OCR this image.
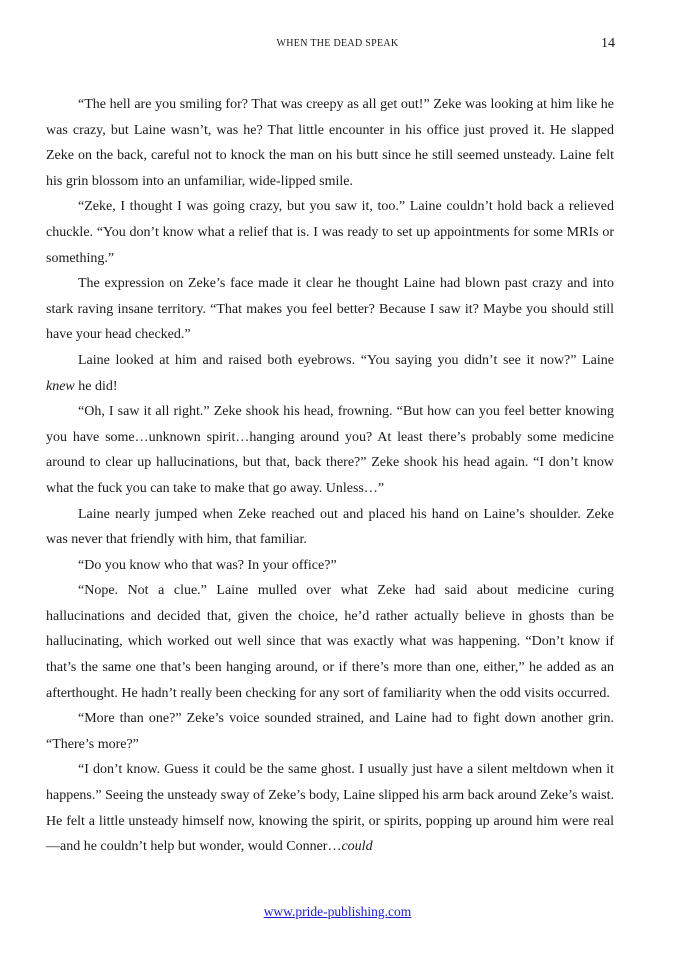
WHEN THE DEAD SPEAK	14

“The hell are you smiling for? That was creepy as all get out!” Zeke was looking at him like he was crazy, but Laine wasn’t, was he? That little encounter in his office just proved it. He slapped Zeke on the back, careful not to knock the man on his butt since he still seemed unsteady. Laine felt his grin blossom into an unfamiliar, wide-lipped smile.

“Zeke, I thought I was going crazy, but you saw it, too.” Laine couldn’t hold back a relieved chuckle. “You don’t know what a relief that is. I was ready to set up appointments for some MRIs or something.”

The expression on Zeke’s face made it clear he thought Laine had blown past crazy and into stark raving insane territory. “That makes you feel better? Because I saw it? Maybe you should still have your head checked.”

Laine looked at him and raised both eyebrows. “You saying you didn’t see it now?” Laine knew he did!

“Oh, I saw it all right.” Zeke shook his head, frowning. “But how can you feel better knowing you have some…unknown spirit…hanging around you? At least there’s probably some medicine around to clear up hallucinations, but that, back there?” Zeke shook his head again. “I don’t know what the fuck you can take to make that go away. Unless…”

Laine nearly jumped when Zeke reached out and placed his hand on Laine’s shoulder. Zeke was never that friendly with him, that familiar.

“Do you know who that was? In your office?”

“Nope. Not a clue.” Laine mulled over what Zeke had said about medicine curing hallucinations and decided that, given the choice, he’d rather actually believe in ghosts than be hallucinating, which worked out well since that was exactly what was happening. “Don’t know if that’s the same one that’s been hanging around, or if there’s more than one, either,” he added as an afterthought. He hadn’t really been checking for any sort of familiarity when the odd visits occurred.

“More than one?” Zeke’s voice sounded strained, and Laine had to fight down another grin. “There’s more?”

“I don’t know. Guess it could be the same ghost. I usually just have a silent meltdown when it happens.” Seeing the unsteady sway of Zeke’s body, Laine slipped his arm back around Zeke’s waist. He felt a little unsteady himself now, knowing the spirit, or spirits, popping up around him were real—and he couldn’t help but wonder, would Conner…could

www.pride-publishing.com
